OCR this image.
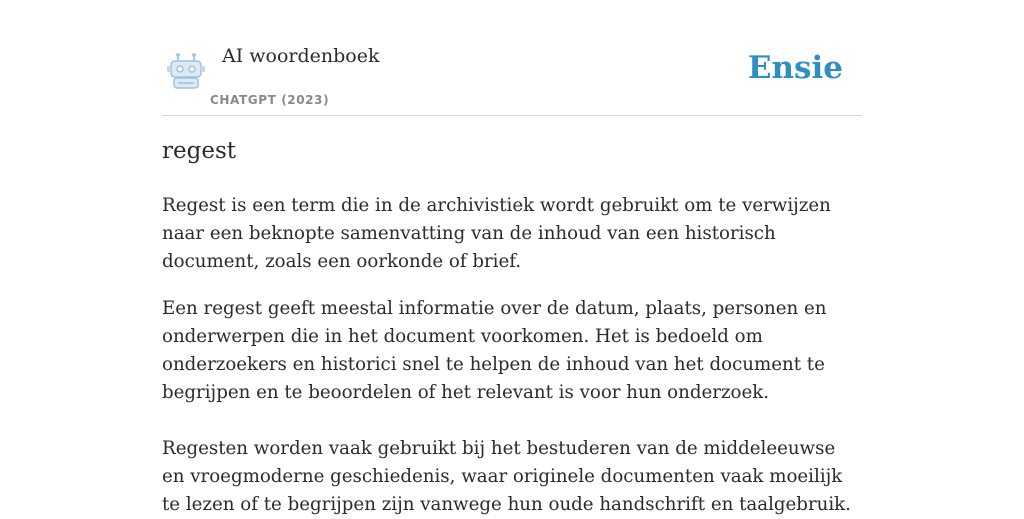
AI woordenboek
CHATGPT (2023)
Ensie
regest

Regest is een term die in de archivistiek wordt gebruikt om te verwijzen naar een beknopte samenvatting van de inhoud van een historisch document, zoals een oorkonde of brief.

Een regest geeft meestal informatie over de datum, plaats, personen en onderwerpen die in het document voorkomen. Het is bedoeld om onderzoekers en historici snel te helpen de inhoud van het document te begrijpen en te beoordelen of het relevant is voor hun onderzoek.

Regesten worden vaak gebruikt bij het bestuderen van de middeleeuwse en vroegmoderne geschiedenis, waar originele documenten vaak moeilijk te lezen of te begrijpen zijn vanwege hun oude handschrift en taalgebruik.
